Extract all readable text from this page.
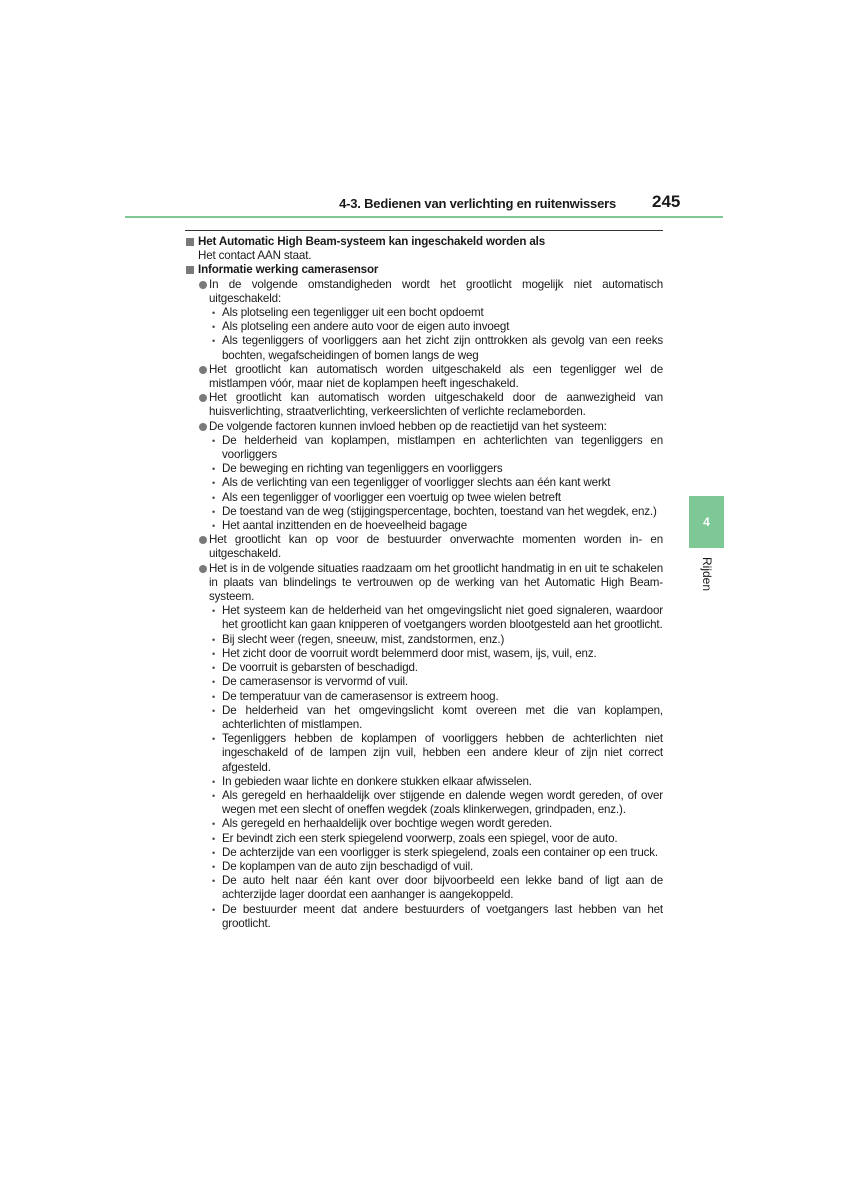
4-3. Bedienen van verlichting en ruitenwissers 245
Het Automatic High Beam-systeem kan ingeschakeld worden als
Het contact AAN staat.
Informatie werking camerasensor
In de volgende omstandigheden wordt het grootlicht mogelijk niet automatisch uitgeschakeld:
• Als plotseling een tegenligger uit een bocht opdoemt
• Als plotseling een andere auto voor de eigen auto invoegt
• Als tegenliggers of voorliggers aan het zicht zijn onttrokken als gevolg van een reeks bochten, wegafscheidingen of bomen langs de weg
Het grootlicht kan automatisch worden uitgeschakeld als een tegenligger wel de mistlampen vóór, maar niet de koplampen heeft ingeschakeld.
Het grootlicht kan automatisch worden uitgeschakeld door de aanwezigheid van huisverlichting, straatverlichting, verkeerslichten of verlichte reclameborden.
De volgende factoren kunnen invloed hebben op de reactietijd van het systeem:
• De helderheid van koplampen, mistlampen en achterlichten van tegenliggers en voorliggers
• De beweging en richting van tegenliggers en voorliggers
• Als de verlichting van een tegenligger of voorligger slechts aan één kant werkt
• Als een tegenligger of voorligger een voertuig op twee wielen betreft
• De toestand van de weg (stijgingspercentage, bochten, toestand van het wegdek, enz.)
• Het aantal inzittenden en de hoeveelheid bagage
Het grootlicht kan op voor de bestuurder onverwachte momenten worden in- en uitgeschakeld.
Het is in de volgende situaties raadzaam om het grootlicht handmatig in en uit te schakelen in plaats van blindelings te vertrouwen op de werking van het Automatic High Beam-systeem.
• Het systeem kan de helderheid van het omgevingslicht niet goed signaleren, waardoor het grootlicht kan gaan knipperen of voetgangers worden blootgesteld aan het grootlicht.
• Bij slecht weer (regen, sneeuw, mist, zandstormen, enz.)
• Het zicht door de voorruit wordt belemmerd door mist, wasem, ijs, vuil, enz.
• De voorruit is gebarsten of beschadigd.
• De camerasensor is vervormd of vuil.
• De temperatuur van de camerasensor is extreem hoog.
• De helderheid van het omgevingslicht komt overeen met die van koplampen, achterlichten of mistlampen.
• Tegenliggers hebben de koplampen of voorliggers hebben de achterlichten niet ingeschakeld of de lampen zijn vuil, hebben een andere kleur of zijn niet correct afgesteld.
• In gebieden waar lichte en donkere stukken elkaar afwisselen.
• Als geregeld en herhaaldelijk over stijgende en dalende wegen wordt gereden, of over wegen met een slecht of oneffen wegdek (zoals klinkerwegen, grindpaden, enz.).
• Als geregeld en herhaaldelijk over bochtige wegen wordt gereden.
• Er bevindt zich een sterk spiegelend voorwerp, zoals een spiegel, voor de auto.
• De achterzijde van een voorligger is sterk spiegelend, zoals een container op een truck.
• De koplampen van de auto zijn beschadigd of vuil.
• De auto helt naar één kant over door bijvoorbeeld een lekke band of ligt aan de achterzijde lager doordat een aanhanger is aangekoppeld.
• De bestuurder meent dat andere bestuurders of voetgangers last hebben van het grootlicht.
4
Rijden
